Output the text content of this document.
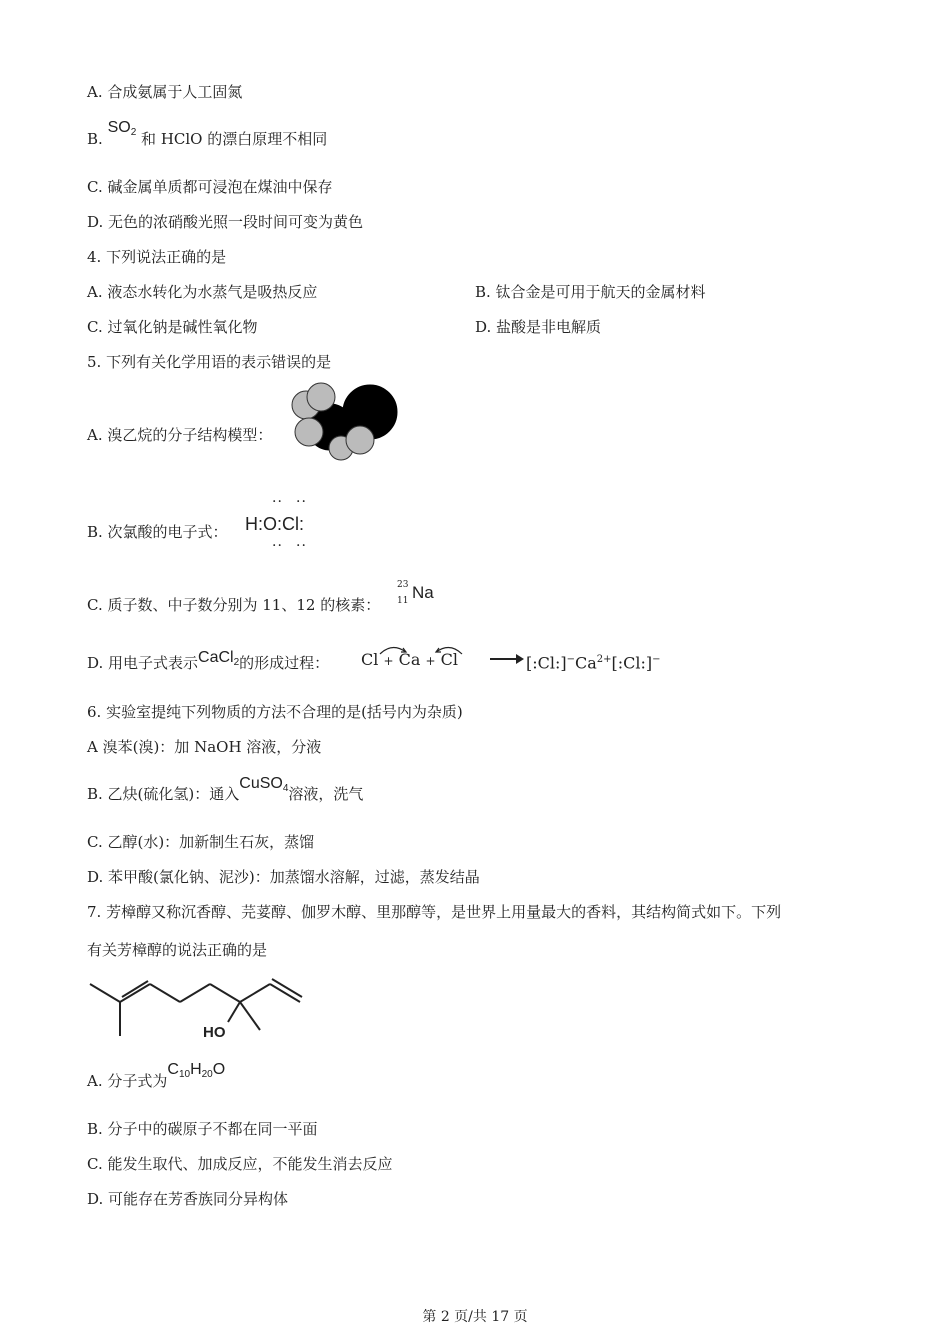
A. 合成氨属于人工固氮
B. $SO_2$ 和 HClO 的漂白原理不相同
C. 碱金属单质都可浸泡在煤油中保存
D. 无色的浓硝酸光照一段时间可变为黄色
4. 下列说法正确的是
A. 液态水转化为水蒸气是吸热反应	B. 钛合金是可用于航天的金属材料
C. 过氧化钠是碱性氧化物	D. 盐酸是非电解质
5. 下列有关化学用语的表示错误的是
A. 溴乙烷的分子结构模型：
B. 次氯酸的电子式： H:O:Cl:
·· ··
·· ··
C. 质子数、中子数分别为 11、12 的核素：
23
11 Na
D. 用电子式表示CaCl$_2$的形成过程： $Cl + Ca + Cl \to [:Cl:]^-Ca^{2+}[:Cl:]^-$
6. 实验室提纯下列物质的方法不合理的是(括号内为杂质)
A 溴苯(溴)：加 NaOH 溶液，分液
B. 乙炔(硫化氢)：通入CuSO$_4$溶液，洗气
C. 乙醇(水)：加新制生石灰，蒸馏
D. 苯甲酸(氯化钠、泥沙)：加蒸馏水溶解，过滤，蒸发结晶
7. 芳樟醇又称沉香醇、芫荽醇、伽罗木醇、里那醇等，是世界上用量最大的香料，其结构简式如下。下列
有关芳樟醇的说法正确的是
HO
A. 分子式为$C_{10}H_{20}O$
B. 分子中的碳原子不都在同一平面
C. 能发生取代、加成反应，不能发生消去反应
D. 可能存在芳香族同分异构体
第 2 页/共 17 页
